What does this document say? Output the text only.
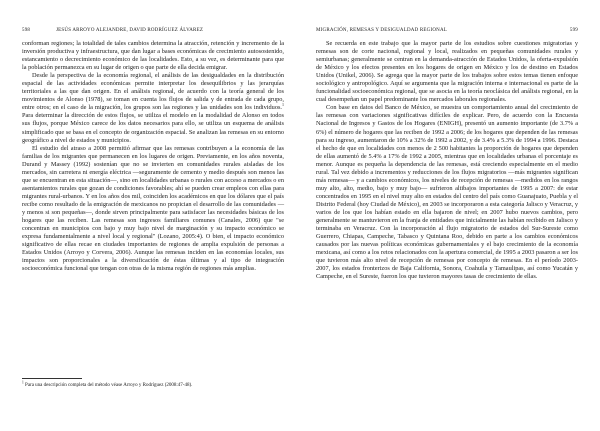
598	JESÚS ARROYO ALEJANDRE, DAVID RODRÍGUEZ ÁLVAREZ

conforman regiones; la totalidad de tales cambios determina la atracción, retención y incremento de la inversión productiva y infraestructura, que dan lugar a bases económicas de crecimiento autosostenido, estancamiento o decrecimiento económico de las localidades. Esto, a su vez, es determinante para que la población permanezca en su lugar de origen o que parte de ella decida emigrar.

Desde la perspectiva de la economía regional, el análisis de las desigualdades en la distribución espacial de las actividades económicas permite interpretar los desequilibrios y las jerarquías territoriales a las que dan origen. En el análisis regional, de acuerdo con la teoría general de los movimientos de Alonso (1978), se toman en cuenta los flujos de salida y de entrada de cada grupo, entre otros; en el caso de la migración, los grupos son las regiones y las unidades son los individuos.$^1$ Para determinar la dirección de estos flujos, se utiliza el modelo en la modalidad de Alonso en todos sus flujos, porque México carece de los datos necesarios para ello, se utiliza un esquema de análisis simplificado que se basa en el concepto de organización espacial. Se analizan las remesas en su entorno geográfico a nivel de estados y municipios.

El estudio del atraso a 2008 permitió afirmar que las remesas contribuyen a la economía de las familias de los migrantes que permanecen en los lugares de origen. Previamente, en los años noventa, Durand y Massey (1992) sostenían que no se invierten en comunidades rurales aisladas de los mercados, sin carretera ni energía eléctrica —seguramente de cemento y medio después son menos las que se encuentran en esta situación—, sino en localidades urbanas o rurales con acceso a mercados o en asentamientos rurales que gozan de condiciones favorables; ahí se pueden crear empleos con ellas para migrantes rural-urbanos. Y en los años dos mil, coinciden los académicos en que los dólares que el país recibe como resultado de la emigración de mexicanos no propician el desarrollo de las comunidades —y menos si son pequeñas—, donde sirven principalmente para satisfacer las necesidades básicas de los hogares que las reciben. Las remesas son ingresos familiares comunes (Canales, 2006) que "se concentran en municipios con bajo y muy bajo nivel de marginación y su impacto económico se expresa fundamentalmente a nivel local y regional" (Lozano, 2005:4). O bien, el impacto económico significativo de ellas recae en ciudades importantes de regiones de amplia expulsión de personas a Estados Unidos (Arroyo y Corvera, 2006). Aunque las remesas inciden en las economías locales, sus impactos son proporcionales a la diversificación de éstas últimas y al tipo de integración socioeconómica funcional que tengan con otras de la misma región de regiones más amplias.

$^1$ Para una descripción completa del método véase Arroyo y Rodríguez (2008:47-48).
MIGRACIÓN, REMESAS Y DESIGUALDAD REGIONAL	599

Se recuerda en este trabajo que la mayor parte de los estudios sobre cuestiones migratorias y remesas son de corte nacional, regional y local, realizados en pequeñas comunidades rurales y semiurbanas; generalmente se centran en la demanda-atracción de Estados Unidos, la oferta-expulsión de México y los efectos presentes en los hogares de origen en México y los de destino en Estados Unidos (Unikel, 2006). Se agrega que la mayor parte de los trabajos sobre estos temas tienen enfoque sociológico y antropológico. Aquí se argumenta que la migración interna e internacional es parte de la funcionalidad socioeconómica regional, que se asocia en la teoría neoclásica del análisis regional, en la cual desempeñan un papel predominante los mercados laborales regionales.

Con base en datos del Banco de México, se muestra un comportamiento anual del crecimiento de las remesas con variaciones significativas difíciles de explicar. Pero, de acuerdo con la Encuesta Nacional de Ingresos y Gastos de los Hogares (ENIGH), presentó un aumento importante (de 3.7% a 6%) el número de hogares que las reciben de 1992 a 2006; de los hogares que dependen de las remesas para su ingreso, aumentaron de 10% a 32% de 1992 a 2002, y de 3.4% a 5.3% de 1994 a 1996. Destaca el hecho de que en localidades con menos de 2 500 habitantes la proporción de hogares que dependen de ellas aumentó de 5.4% a 17% de 1992 a 2005, mientras que en localidades urbanas el porcentaje es menor. Aunque es pequeña la dependencia de las remesas, está creciendo especialmente en el medio rural. Tal vez debido a incrementos y reducciones de los flujos migratorios —más migrantes significan más remesas— y a cambios económicos, los niveles de recepción de remesas —medidos en los rangos muy alto, alto, medio, bajo y muy bajo— sufrieron altibajos importantes de 1995 a 2007: de estar concentrados en 1995 en el nivel muy alto en estados del centro del país como Guanajuato, Puebla y el Distrito Federal (hoy Ciudad de México), en 2003 se incorporaron a esta categoría Jalisco y Veracruz, y varios de los que los habían estado en ella bajaron de nivel; en 2007 hubo nuevos cambios, pero generalmente se mantuvieron en la franja de entidades que inicialmente las habían recibido en Jalisco y terminaba en Veracruz. Con la incorporación al flujo migratorio de estados del Sur-Sureste como Guerrero, Chiapas, Campeche, Tabasco y Quintana Roo, debido en parte a los cambios económicos causados por las nuevas políticas económicas gubernamentales y el bajo crecimiento de la economía mexicana, así como a los retos relacionados con la apertura comercial, de 1995 a 2003 pasaron a ser los que tuvieron más alto nivel de recepción de remesas por concepto de remesas. En el período 2003-2007, los estados fronterizos de Baja California, Sonora, Coahuila y Tamaulipas, así como Yucatán y Campeche, en el Sureste, fueron los que tuvieron mayores tasas de crecimiento de ellas.
